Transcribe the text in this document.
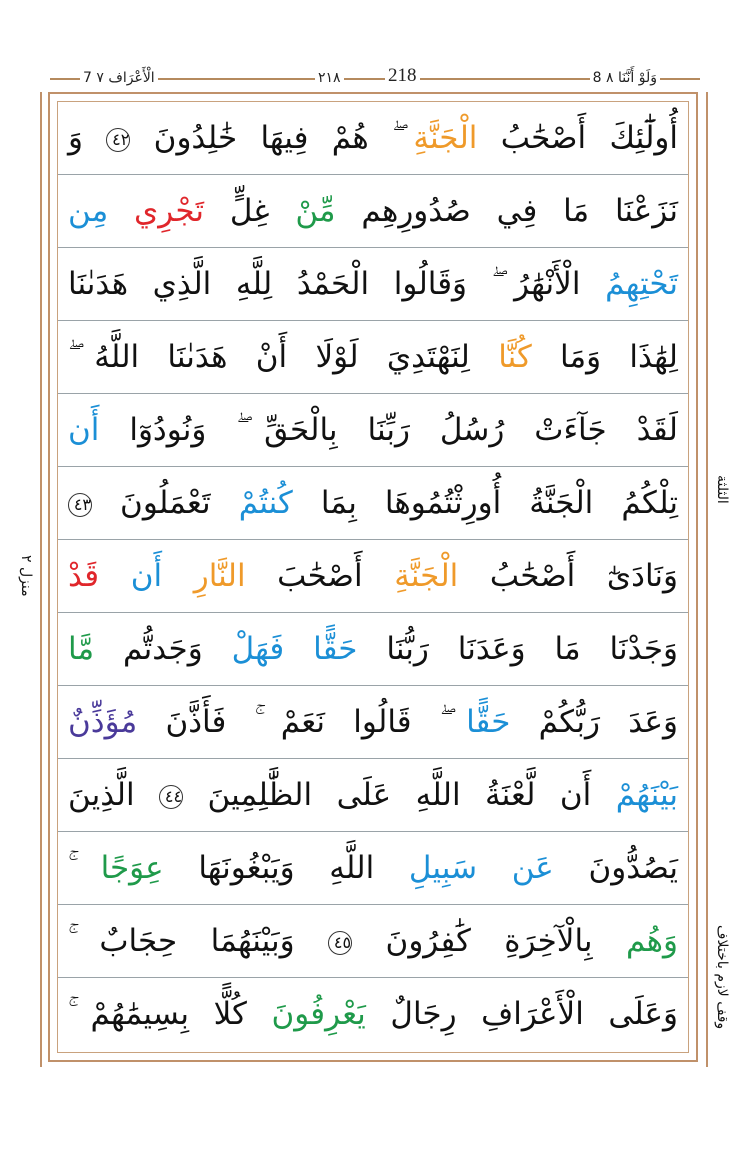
أُولَٰٓئِكَ أَصْحَٰبُ الْجَنَّةِ ۖ هُمْ فِيهَا خَٰلِدُونَ ٤٢ وَ
نَزَعْنَا مَا فِي صُدُورِهِم مِّنْ غِلٍّ تَجْرِي مِن
تَحْتِهِمُ الْأَنْهَٰرُ ۖ وَقَالُوا الْحَمْدُ لِلَّهِ الَّذِي هَدَىٰنَا
لِهَٰذَا وَمَا كُنَّا لِنَهْتَدِيَ لَوْلَا أَنْ هَدَىٰنَا اللَّهُ ۖ
لَقَدْ جَآءَتْ رُسُلُ رَبِّنَا بِالْحَقِّ ۖ وَنُودُوٓا أَن
تِلْكُمُ الْجَنَّةُ أُورِثْتُمُوهَا بِمَا كُنتُمْ تَعْمَلُونَ ٤٣
وَنَادَىٰٓ أَصْحَٰبُ الْجَنَّةِ أَصْحَٰبَ النَّارِ أَن قَدْ
وَجَدْنَا مَا وَعَدَنَا رَبُّنَا حَقًّا فَهَلْ وَجَدتُّم مَّا
وَعَدَ رَبُّكُمْ حَقًّا ۖ قَالُوا نَعَمْ ۚ فَأَذَّنَ مُؤَذِّنٌ
بَيْنَهُمْ أَن لَّعْنَةُ اللَّهِ عَلَى الظَّٰلِمِينَ ٤٤ الَّذِينَ
يَصُدُّونَ عَن سَبِيلِ اللَّهِ وَيَبْغُونَهَا عِوَجًا ۚ
وَهُم بِالْآخِرَةِ كَٰفِرُونَ ٤٥ وَبَيْنَهُمَا حِجَابٌ
وَعَلَى الْأَعْرَافِ رِجَالٌ يَعْرِفُونَ كُلًّا بِسِيمَٰهُمْ ۚ
7 الْأَعْرَاف ٧	٢١٨ 218	8 وَلَوْ أَنَّنَا ٨
منزل ٢
الثلثة
وقف لازم باختلاف
